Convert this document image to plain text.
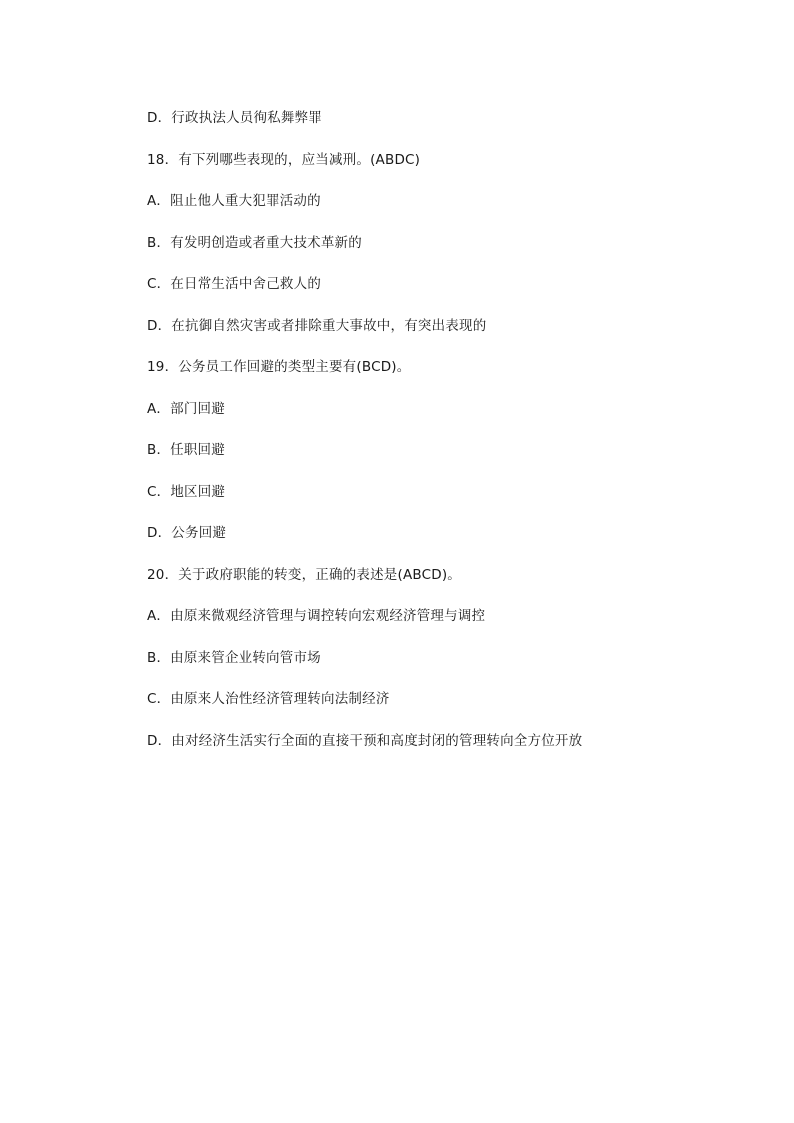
D．行政执法人员徇私舞弊罪
18．有下列哪些表现的，应当减刑。(ABDC)
A．阻止他人重大犯罪活动的
B．有发明创造或者重大技术革新的
C．在日常生活中舍己救人的
D．在抗御自然灾害或者排除重大事故中，有突出表现的
19．公务员工作回避的类型主要有(BCD)。
A．部门回避
B．任职回避
C．地区回避
D．公务回避
20．关于政府职能的转变，正确的表述是(ABCD)。
A．由原来微观经济管理与调控转向宏观经济管理与调控
B．由原来管企业转向管市场
C．由原来人治性经济管理转向法制经济
D．由对经济生活实行全面的直接干预和高度封闭的管理转向全方位开放
